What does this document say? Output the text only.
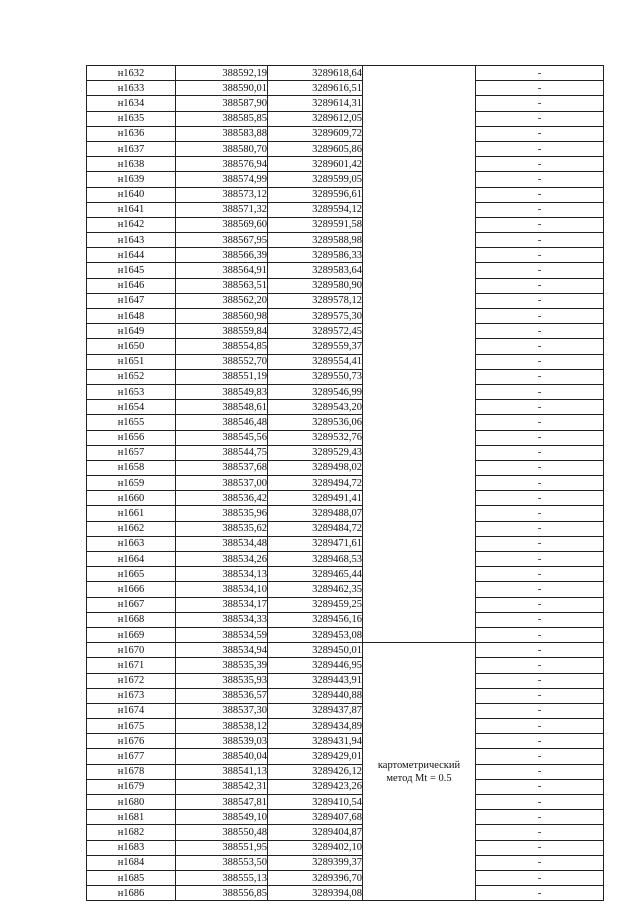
н1632	388592,19	3289618,64		-
н1633	388590,01	3289616,51		-
н1634	388587,90	3289614,31		-
н1635	388585,85	3289612,05		-
н1636	388583,88	3289609,72		-
н1637	388580,70	3289605,86		-
н1638	388576,94	3289601,42		-
н1639	388574,99	3289599,05		-
н1640	388573,12	3289596,61		-
н1641	388571,32	3289594,12		-
н1642	388569,60	3289591,58		-
н1643	388567,95	3289588,98		-
н1644	388566,39	3289586,33		-
н1645	388564,91	3289583,64		-
н1646	388563,51	3289580,90		-
н1647	388562,20	3289578,12		-
н1648	388560,98	3289575,30		-
н1649	388559,84	3289572,45		-
н1650	388554,85	3289559,37		-
н1651	388552,70	3289554,41		-
н1652	388551,19	3289550,73		-
н1653	388549,83	3289546,99		-
н1654	388548,61	3289543,20		-
н1655	388546,48	3289536,06		-
н1656	388545,56	3289532,76		-
н1657	388544,75	3289529,43		-
н1658	388537,68	3289498,02		-
н1659	388537,00	3289494,72		-
н1660	388536,42	3289491,41		-
н1661	388535,96	3289488,07		-
н1662	388535,62	3289484,72		-
н1663	388534,48	3289471,61		-
н1664	388534,26	3289468,53		-
н1665	388534,13	3289465,44		-
н1666	388534,10	3289462,35		-
н1667	388534,17	3289459,25		-
н1668	388534,33	3289456,16		-
н1669	388534,59	3289453,08		-
н1670	388534,94	3289450,01	картометрический
метод Mt = 0.5	-
н1671	388535,39	3289446,95		-
н1672	388535,93	3289443,91		-
н1673	388536,57	3289440,88		-
н1674	388537,30	3289437,87		-
н1675	388538,12	3289434,89		-
н1676	388539,03	3289431,94		-
н1677	388540,04	3289429,01		-
н1678	388541,13	3289426,12		-
н1679	388542,31	3289423,26		-
н1680	388547,81	3289410,54		-
н1681	388549,10	3289407,68		-
н1682	388550,48	3289404,87		-
н1683	388551,95	3289402,10		-
н1684	388553,50	3289399,37		-
н1685	388555,13	3289396,70		-
н1686	388556,85	3289394,08		-
